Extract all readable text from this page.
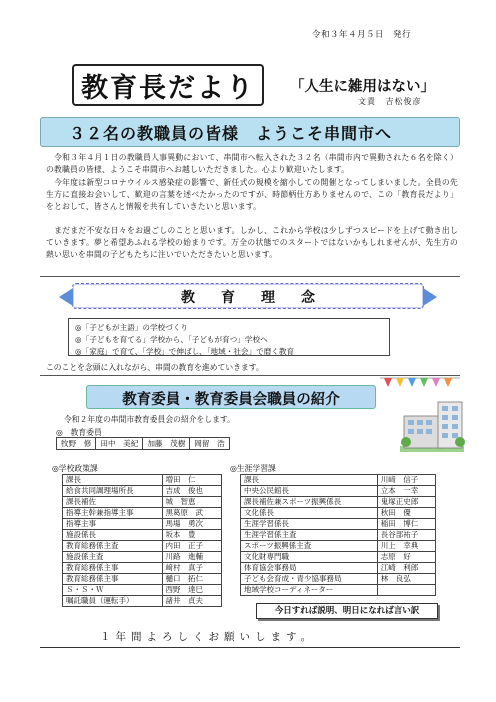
令和３年４月５日　発行
教育長だより	「人生に雑用はない」
文責 吉松俊彦
３２名の教職員の皆様　ようこそ串間市へ
　令和３年４月１日の教職員人事異動において、串間市へ転入された３２名（串間市内で異動された６名を除く）の教職員の皆様、ようこそ串間市へお越しいただきました。心より歓迎いたします。
　今年度は新型コロナウイルス感染症の影響で、新任式の規模を縮小しての開催となってしまいました。全員の先生方に直接お会いして、歓迎の言葉を述べたかったのですが、時節柄仕方ありませんので、この「教育長だより」をとおして、皆さんと情報を共有していきたいと思います。
　まだまだ不安な日々をお過ごしのことと思います。しかし、これから学校は少しずつスピードを上げて動き出していきます。夢と希望あふれる学校の始まりです。万全の状態でのスタートではないかもしれませんが、先生方の熱い思いを串間の子どもたちに注いでいただきたいと思います。
教育理念
◎「子どもが主語」の学校づくり
◎「子どもを育てる」学校から、「子どもが育つ」学校へ
◎「家庭」で育て、「学校」で伸ばし、「地域・社会」で磨く教育
このことを念頭に入れながら、串間の教育を進めていきます。
教育委員・教育委員会職員の紹介
令和２年度の串間市教育委員会の紹介をします。
◎　教育委員
牧野　修	田中　美紀	加藤　茂樹	岡留　浩
◎学校政策課	◎生涯学習課
課長	増田　仁
給食共同調理場所長	吉成　俊也
課長補佐	城　智恵
指導主幹兼指導主事	黒葛原　武
指導主事	馬場　勇次
施設係長	坂本　豊
教育総務係主査	内田　正子
施設係主査	川路　進輔
教育総務係主事	﨑村　真子
教育総務係主事	樋口　拓仁
Ｓ・Ｓ・Ｗ	西野　達巳
嘱託職員（運転手）	諸井　貞夫
課長	川﨑　信子
中央公民館長	立本　一幸
課長補佐兼スポーツ振興係長	鬼塚正史郎
文化係長	秋田　優
生涯学習係長	稲田　博仁
生涯学習係主査	長谷部祐子
スポーツ振興係主査	川上　幸典
文化財専門職	志原　好
体育協会事務局	江崎　利郎
子ども会育成・青少協事務局	林　良弘
地域学校コーディネーター	
今日すれば説明、明日になれば言い訳
１年間よろしくお願いします。
